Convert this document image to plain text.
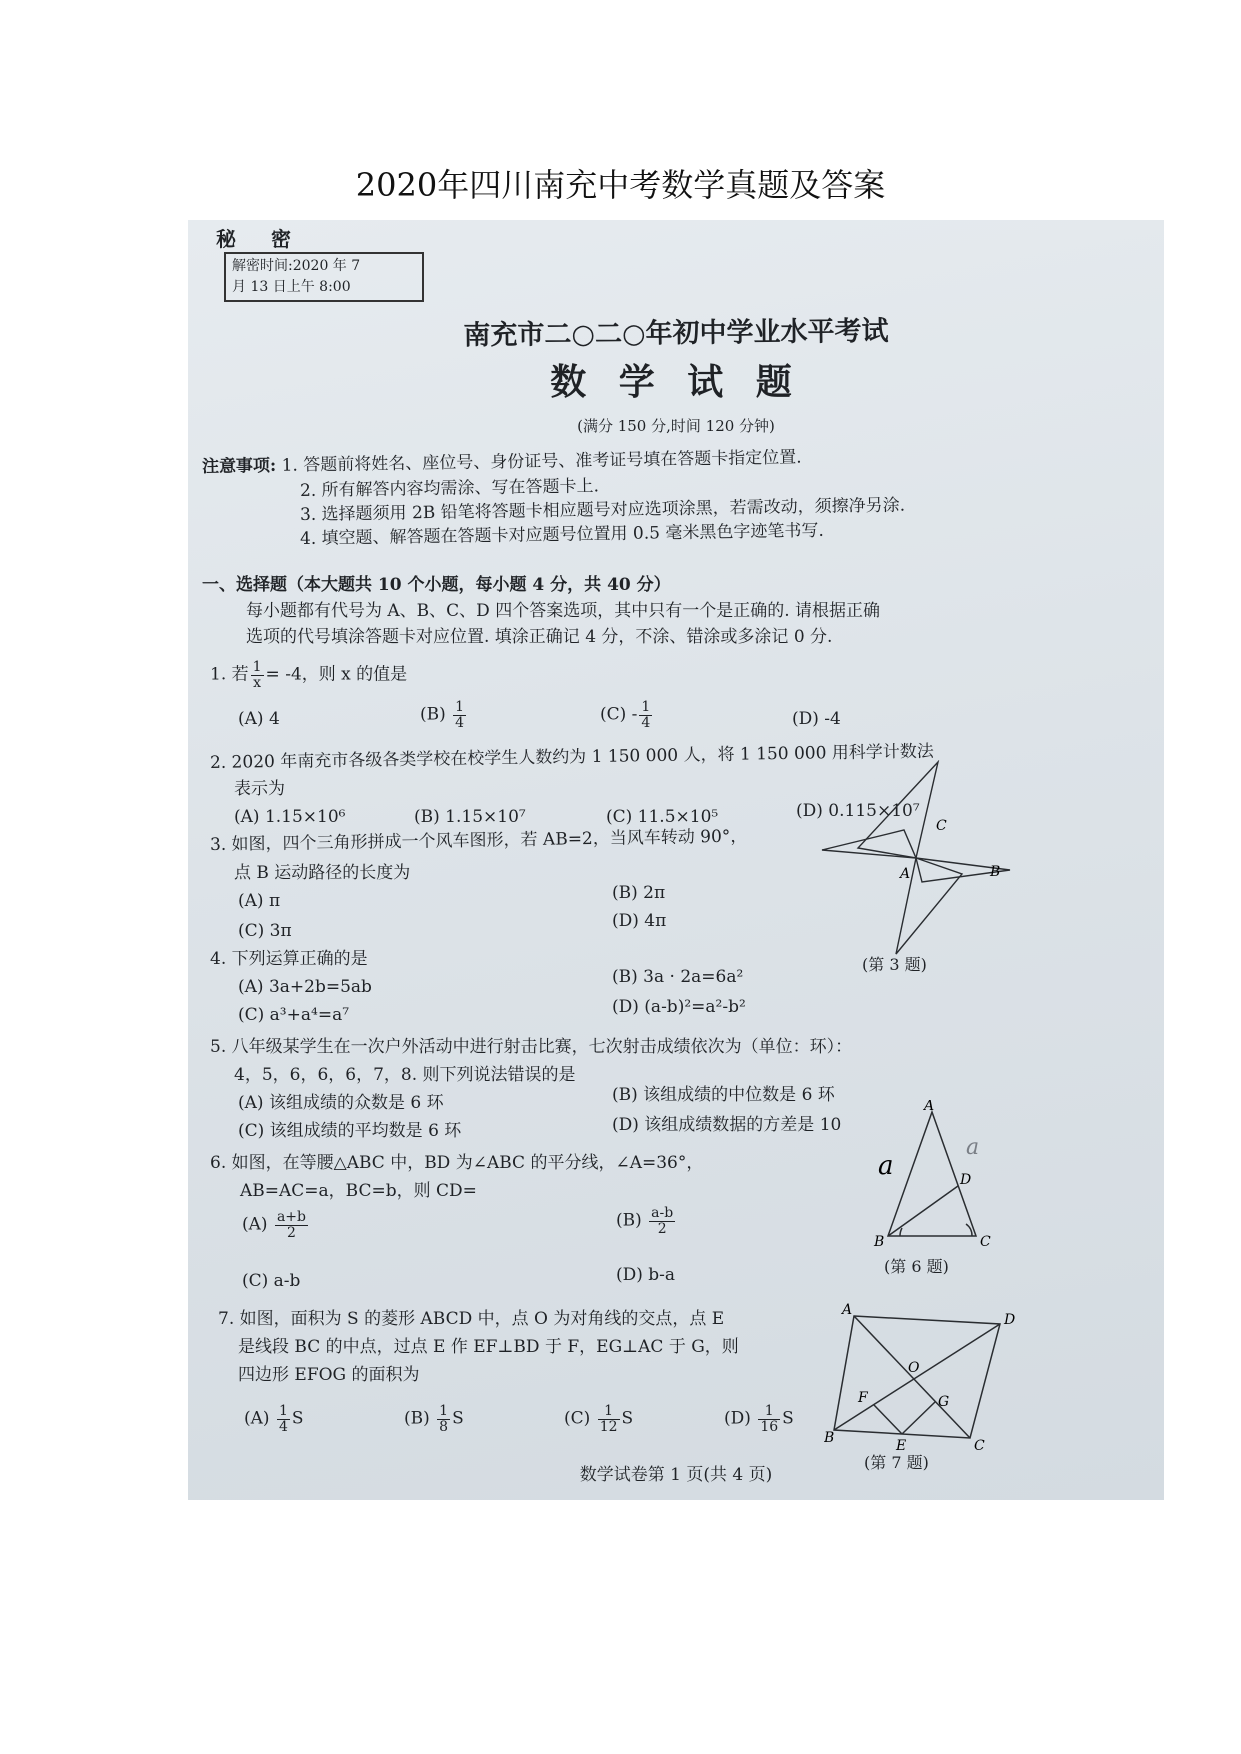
2020年四川南充中考数学真题及答案
秘 密
解密时间:2020 年 7
月 13 日上午 8:00
南充市二○二○年初中学业水平考试
数 学 试 题
(满分 150 分,时间 120 分钟)
注意事项: 1. 答题前将姓名、座位号、身份证号、准考证号填在答题卡指定位置.
2. 所有解答内容均需涂、写在答题卡上.
3. 选择题须用 2B 铅笔将答题卡相应题号对应选项涂黑，若需改动，须擦净另涂.
4. 填空题、解答题在答题卡对应题号位置用 0.5 毫米黑色字迹笔书写.
一、选择题（本大题共 10 个小题，每小题 4 分，共 40 分）
每小题都有代号为 A、B、C、D 四个答案选项，其中只有一个是正确的. 请根据正确
选项的代号填涂答题卡对应位置. 填涂正确记 4 分，不涂、错涂或多涂记 0 分.
1. 若 $\frac{1}{x} = -4$，则 x 的值是
(A) 4	$(B) \frac{1}{4}$	$(C) - \frac{1}{4}$	(D) -4
2. 2020 年南充市各级各类学校在校学生人数约为 1 150 000 人，将 1 150 000 用科学计数法
表示为
(A) 1.15×10⁶	(B) 1.15×10⁷	(C) 11.5×10⁵	(D) 0.115×10⁷
3. 如图，四个三角形拼成一个风车图形，若 AB=2，当风车转动 90°，
点 B 运动路径的长度为
(A) π	(B) 2π
(C) 3π	(D) 4π
A	B
C
(第 3 题)
4. 下列运算正确的是
(A) 3a+2b=5ab	(B) 3a · 2a=6a²
(C) a³+a⁴=a⁷	(D) (a-b)²=a²-b²
5. 八年级某学生在一次户外活动中进行射击比赛，七次射击成绩依次为（单位：环）：
4，5，6，6，6，7，8. 则下列说法错误的是
(A) 该组成绩的众数是 6 环	(B) 该组成绩的中位数是 6 环
(C) 该组成绩的平均数是 6 环	(D) 该组成绩数据的方差是 10
6. 如图，在等腰△ABC 中，BD 为∠ABC 的平分线，∠A=36°，
AB=AC=a，BC=b，则 CD=
$(A) \frac{a+b}{2}$	$(B) \frac{a-b}{2}$
(C) a-b	(D) b-a
A
B	C
D
a
a
(第 6 题)
7. 如图，面积为 S 的菱形 ABCD 中，点 O 为对角线的交点，点 E
是线段 BC 的中点，过点 E 作 EF⊥BD 于 F，EG⊥AC 于 G，则
四边形 EFOG 的面积为
$(A) \frac{1}{4}$ S	$(B) \frac{1}{8}$ S	$(C) \frac{1}{12}$ S	$(D) \frac{1}{16}$ S
A
D
B	C
O
F	G
E
(第 7 题)
数学试卷第 1 页(共 4 页)
